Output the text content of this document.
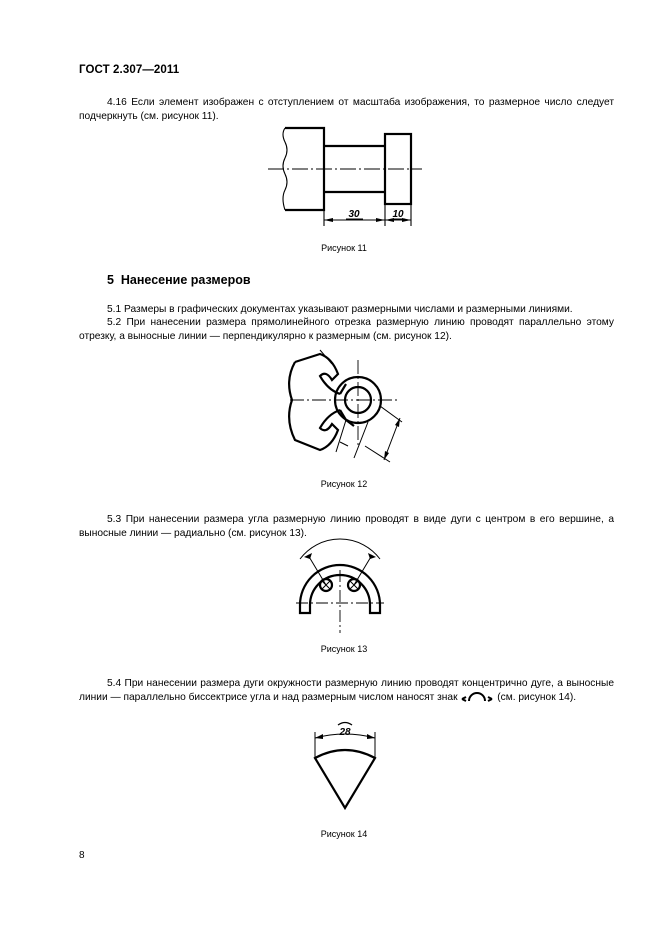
ГОСТ 2.307—2011
4.16 Если элемент изображен с отступлением от масштаба изображения, то размерное число следует подчеркнуть (см. рисунок 11).
30	10
Рисунок 11
5 Нанесение размеров
5.1 Размеры в графических документах указывают размерными числами и размерными линиями.
5.2 При нанесении размера прямолинейного отрезка размерную линию проводят параллельно этому отрезку, а выносные линии — перпендикулярно к размерным (см. рисунок 12).
Рисунок 12
5.3 При нанесении размера угла размерную линию проводят в виде дуги с центром в его вершине, а выносные линии — радиально (см. рисунок 13).
Рисунок 13
5.4 При нанесении размера дуги окружности размерную линию проводят концентрично дуге, а выносные линии — параллельно биссектрисе угла и над размерным числом наносят знак	(см. рисунок 14).
28
Рисунок 14
8
